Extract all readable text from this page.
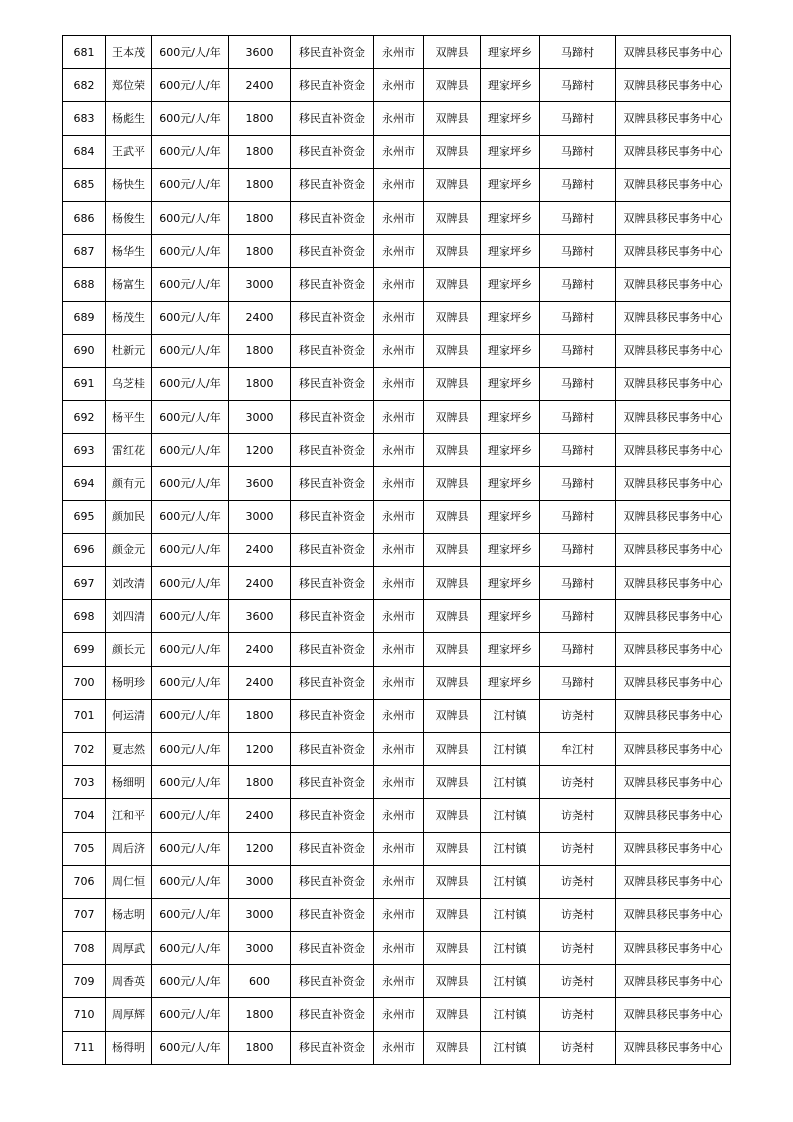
681	王本茂	600元/人/年	3600	移民直补资金	永州市	双牌县	理家坪乡	马蹄村	双牌县移民事务中心
682	郑位荣	600元/人/年	2400	移民直补资金	永州市	双牌县	理家坪乡	马蹄村	双牌县移民事务中心
683	杨彪生	600元/人/年	1800	移民直补资金	永州市	双牌县	理家坪乡	马蹄村	双牌县移民事务中心
684	王武平	600元/人/年	1800	移民直补资金	永州市	双牌县	理家坪乡	马蹄村	双牌县移民事务中心
685	杨快生	600元/人/年	1800	移民直补资金	永州市	双牌县	理家坪乡	马蹄村	双牌县移民事务中心
686	杨俊生	600元/人/年	1800	移民直补资金	永州市	双牌县	理家坪乡	马蹄村	双牌县移民事务中心
687	杨华生	600元/人/年	1800	移民直补资金	永州市	双牌县	理家坪乡	马蹄村	双牌县移民事务中心
688	杨富生	600元/人/年	3000	移民直补资金	永州市	双牌县	理家坪乡	马蹄村	双牌县移民事务中心
689	杨茂生	600元/人/年	2400	移民直补资金	永州市	双牌县	理家坪乡	马蹄村	双牌县移民事务中心
690	杜新元	600元/人/年	1800	移民直补资金	永州市	双牌县	理家坪乡	马蹄村	双牌县移民事务中心
691	乌芝桂	600元/人/年	1800	移民直补资金	永州市	双牌县	理家坪乡	马蹄村	双牌县移民事务中心
692	杨平生	600元/人/年	3000	移民直补资金	永州市	双牌县	理家坪乡	马蹄村	双牌县移民事务中心
693	雷红花	600元/人/年	1200	移民直补资金	永州市	双牌县	理家坪乡	马蹄村	双牌县移民事务中心
694	颜有元	600元/人/年	3600	移民直补资金	永州市	双牌县	理家坪乡	马蹄村	双牌县移民事务中心
695	颜加民	600元/人/年	3000	移民直补资金	永州市	双牌县	理家坪乡	马蹄村	双牌县移民事务中心
696	颜金元	600元/人/年	2400	移民直补资金	永州市	双牌县	理家坪乡	马蹄村	双牌县移民事务中心
697	刘改清	600元/人/年	2400	移民直补资金	永州市	双牌县	理家坪乡	马蹄村	双牌县移民事务中心
698	刘四清	600元/人/年	3600	移民直补资金	永州市	双牌县	理家坪乡	马蹄村	双牌县移民事务中心
699	颜长元	600元/人/年	2400	移民直补资金	永州市	双牌县	理家坪乡	马蹄村	双牌县移民事务中心
700	杨明珍	600元/人/年	2400	移民直补资金	永州市	双牌县	理家坪乡	马蹄村	双牌县移民事务中心
701	何运清	600元/人/年	1800	移民直补资金	永州市	双牌县	江村镇	访尧村	双牌县移民事务中心
702	夏志然	600元/人/年	1200	移民直补资金	永州市	双牌县	江村镇	牟江村	双牌县移民事务中心
703	杨细明	600元/人/年	1800	移民直补资金	永州市	双牌县	江村镇	访尧村	双牌县移民事务中心
704	江和平	600元/人/年	2400	移民直补资金	永州市	双牌县	江村镇	访尧村	双牌县移民事务中心
705	周后济	600元/人/年	1200	移民直补资金	永州市	双牌县	江村镇	访尧村	双牌县移民事务中心
706	周仁恒	600元/人/年	3000	移民直补资金	永州市	双牌县	江村镇	访尧村	双牌县移民事务中心
707	杨志明	600元/人/年	3000	移民直补资金	永州市	双牌县	江村镇	访尧村	双牌县移民事务中心
708	周厚武	600元/人/年	3000	移民直补资金	永州市	双牌县	江村镇	访尧村	双牌县移民事务中心
709	周香英	600元/人/年	600	移民直补资金	永州市	双牌县	江村镇	访尧村	双牌县移民事务中心
710	周厚辉	600元/人/年	1800	移民直补资金	永州市	双牌县	江村镇	访尧村	双牌县移民事务中心
711	杨得明	600元/人/年	1800	移民直补资金	永州市	双牌县	江村镇	访尧村	双牌县移民事务中心
